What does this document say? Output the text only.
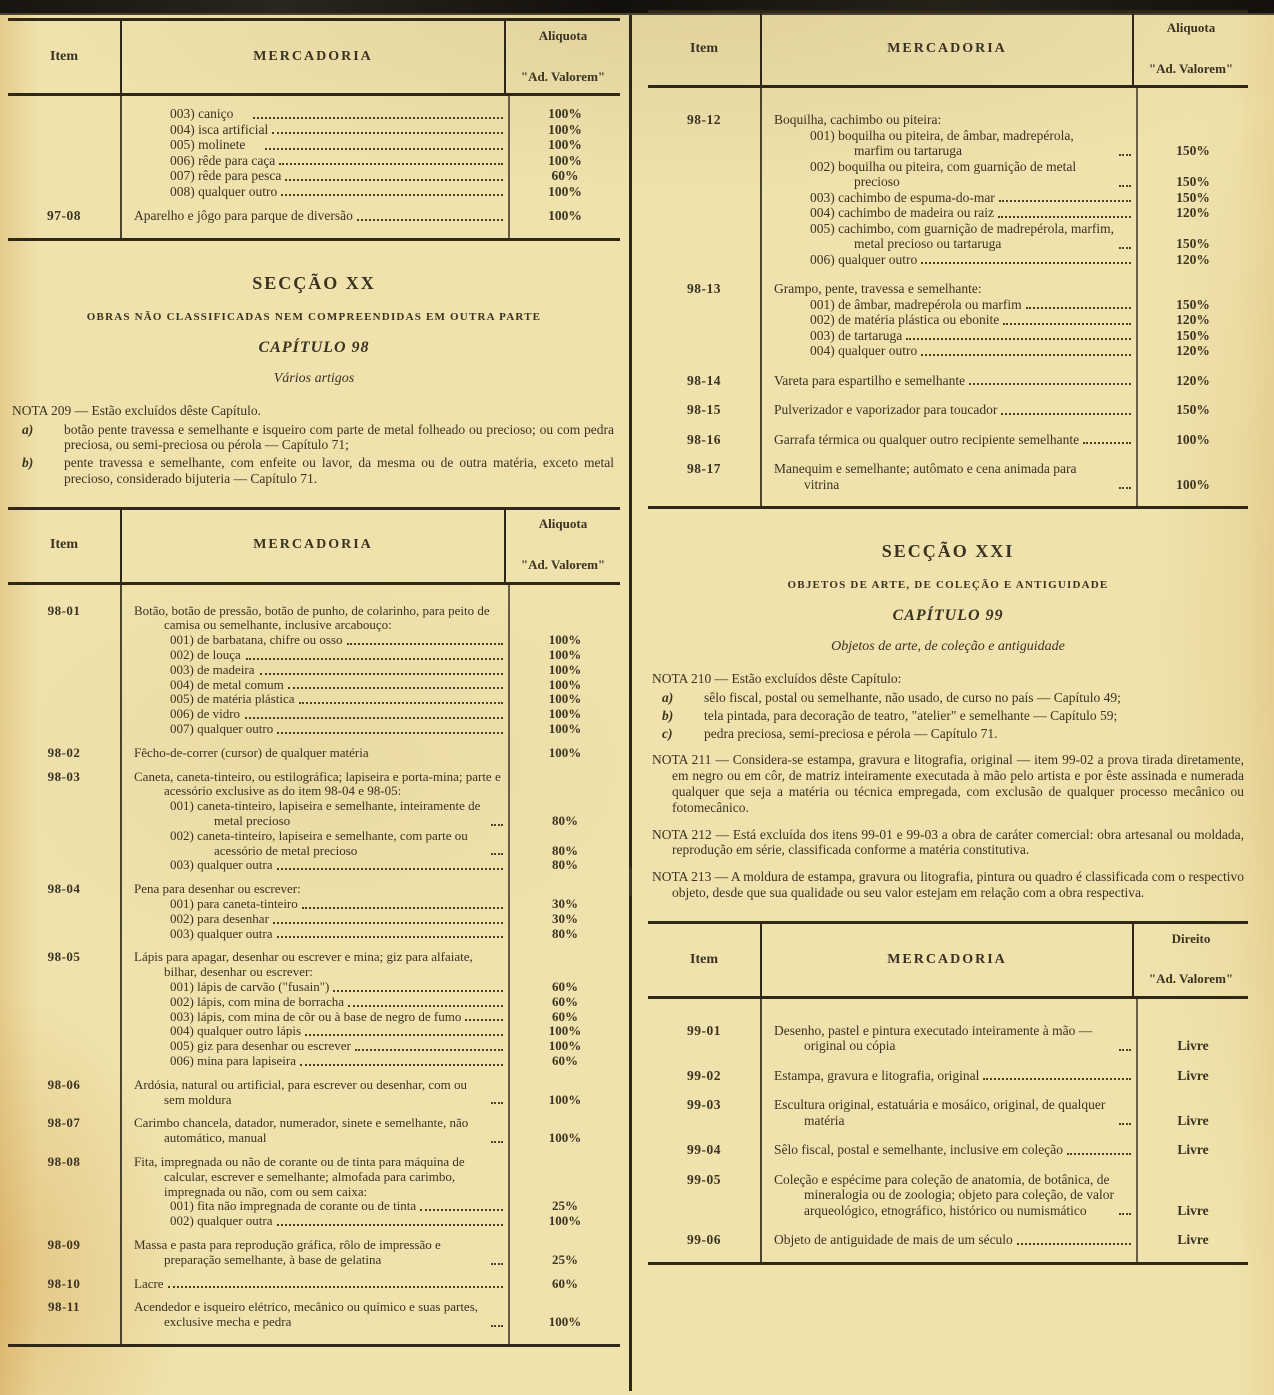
Item	MERCADORIA
Aliquota
"Ad. Valorem"
003) caniço	100%
004) isca artificial	100%
005) molinete	100%
006) rêde para caça	100%
007) rêde para pesca	60%
008) qualquer outro	100%
97-08	Aparelho e jôgo para parque de diversão	100%
SECÇÃO XX
OBRAS NÃO CLASSIFICADAS NEM COMPREENDIDAS EM OUTRA PARTE
CAPÍTULO 98
Vários artigos
NOTA 209 — Estão excluídos dêste Capítulo.
a)	botão pente travessa e semelhante e isqueiro com parte de metal folheado ou precioso; ou com pedra preciosa, ou semi-preciosa ou pérola — Capítulo 71;
b)	pente travessa e semelhante, com enfeite ou lavor, da mesma ou de outra matéria, exceto metal precioso, considerado bijuteria — Capítulo 71.
Item	MERCADORIA
Aliquota
"Ad. Valorem"
98-01	Botão, botão de pressão, botão de punho, de colarinho, para peito de camisa ou semelhante, inclusive arcabouço:
001) de barbatana, chifre ou osso	100%
002) de louça	100%
003) de madeira	100%
004) de metal comum	100%
005) de matéria plástica	100%
006) de vidro	100%
007) qualquer outro	100%
98-02	Fêcho-de-correr (cursor) de qualquer matéria	100%
98-03	Caneta, caneta-tinteiro, ou estilográfica; lapiseira e porta-mina; parte e acessório exclusive as do item 98-04 e 98-05:
001) caneta-tinteiro, lapiseira e semelhante, inteiramente de metal precioso	80%
002) caneta-tinteiro, lapiseira e semelhante, com parte ou acessório de metal precioso	80%
003) qualquer outra	80%
98-04	Pena para desenhar ou escrever:
001) para caneta-tinteiro	30%
002) para desenhar	30%
003) qualquer outra	80%
98-05	Lápis para apagar, desenhar ou escrever e mina; giz para alfaiate, bilhar, desenhar ou escrever:
001) lápis de carvão ("fusain")	60%
002) lápis, com mina de borracha	60%
003) lápis, com mina de côr ou à base de negro de fumo	60%
004) qualquer outro lápis	100%
005) giz para desenhar ou escrever	100%
006) mina para lapiseira	60%
98-06	Ardósia, natural ou artificial, para escrever ou desenhar, com ou sem moldura	100%
98-07	Carimbo chancela, datador, numerador, sinete e semelhante, não automático, manual	100%
98-08	Fita, impregnada ou não de corante ou de tinta para máquina de calcular, escrever e semelhante; almofada para carimbo, impregnada ou não, com ou sem caixa:
001) fita não impregnada de corante ou de tinta	25%
002) qualquer outra	100%
98-09	Massa e pasta para reprodução gráfica, rôlo de impressão e preparação semelhante, à base de gelatina	25%
98-10	Lacre	60%
98-11	Acendedor e isqueiro elétrico, mecânico ou químico e suas partes, exclusive mecha e pedra	100%
Item	MERCADORIA
Aliquota
"Ad. Valorem"
98-12	Boquilha, cachimbo ou piteira:
001) boquilha ou piteira, de âmbar, madrepérola, marfim ou tartaruga	150%
002) boquilha ou piteira, com guarnição de metal precioso	150%
003) cachimbo de espuma-do-mar	150%
004) cachimbo de madeira ou raiz	120%
005) cachimbo, com guarnição de madrepérola, marfim, metal precioso ou tartaruga	150%
006) qualquer outro	120%
98-13	Grampo, pente, travessa e semelhante:
001) de âmbar, madrepérola ou marfim	150%
002) de matéria plástica ou ebonite	120%
003) de tartaruga	150%
004) qualquer outro	120%
98-14	Vareta para espartilho e semelhante	120%
98-15	Pulverizador e vaporizador para toucador	150%
98-16	Garrafa térmica ou qualquer outro recipiente semelhante	100%
98-17	Manequim e semelhante; autômato e cena animada para vitrina	100%
SECÇÃO XXI
OBJETOS DE ARTE, DE COLEÇÃO E ANTIGUIDADE
CAPÍTULO 99
Objetos de arte, de coleção e antiguidade
NOTA 210 — Estão excluídos dêste Capítulo:
a)	sêlo fiscal, postal ou semelhante, não usado, de curso no país — Capítulo 49;
b)	tela pintada, para decoração de teatro, "atelier" e semelhante — Capítulo 59;
c)	pedra preciosa, semi-preciosa e pérola — Capítulo 71.

NOTA 211 — Considera-se estampa, gravura e litografia, original — item 99-02 a prova tirada diretamente, em negro ou em côr, de matriz inteiramente executada à mão pelo artista e por êste assinada e numerada qualquer que seja a matéria ou técnica empregada, com exclusão de qualquer processo mecânico ou fotomecânico.

NOTA 212 — Está excluída dos itens 99-01 e 99-03 a obra de caráter comercial: obra artesanal ou moldada, reprodução em série, classificada conforme a matéria constitutiva.

NOTA 213 — A moldura de estampa, gravura ou litografia, pintura ou quadro é classificada com o respectivo objeto, desde que sua qualidade ou seu valor estejam em relação com a obra respectiva.

Item	MERCADORIA
Direito
"Ad. Valorem"
99-01	Desenho, pastel e pintura executado inteiramente à mão — original ou cópia	Livre
99-02	Estampa, gravura e litografia, original	Livre
99-03	Escultura original, estatuária e mosáico, original, de qualquer matéria	Livre
99-04	Sêlo fiscal, postal e semelhante, inclusive em coleção	Livre
99-05	Coleção e espécime para coleção de anatomia, de botânica, de mineralogia ou de zoologia; objeto para coleção, de valor arqueológico, etnográfico, histórico ou numismático	Livre
99-06	Objeto de antiguidade de mais de um século	Livre
